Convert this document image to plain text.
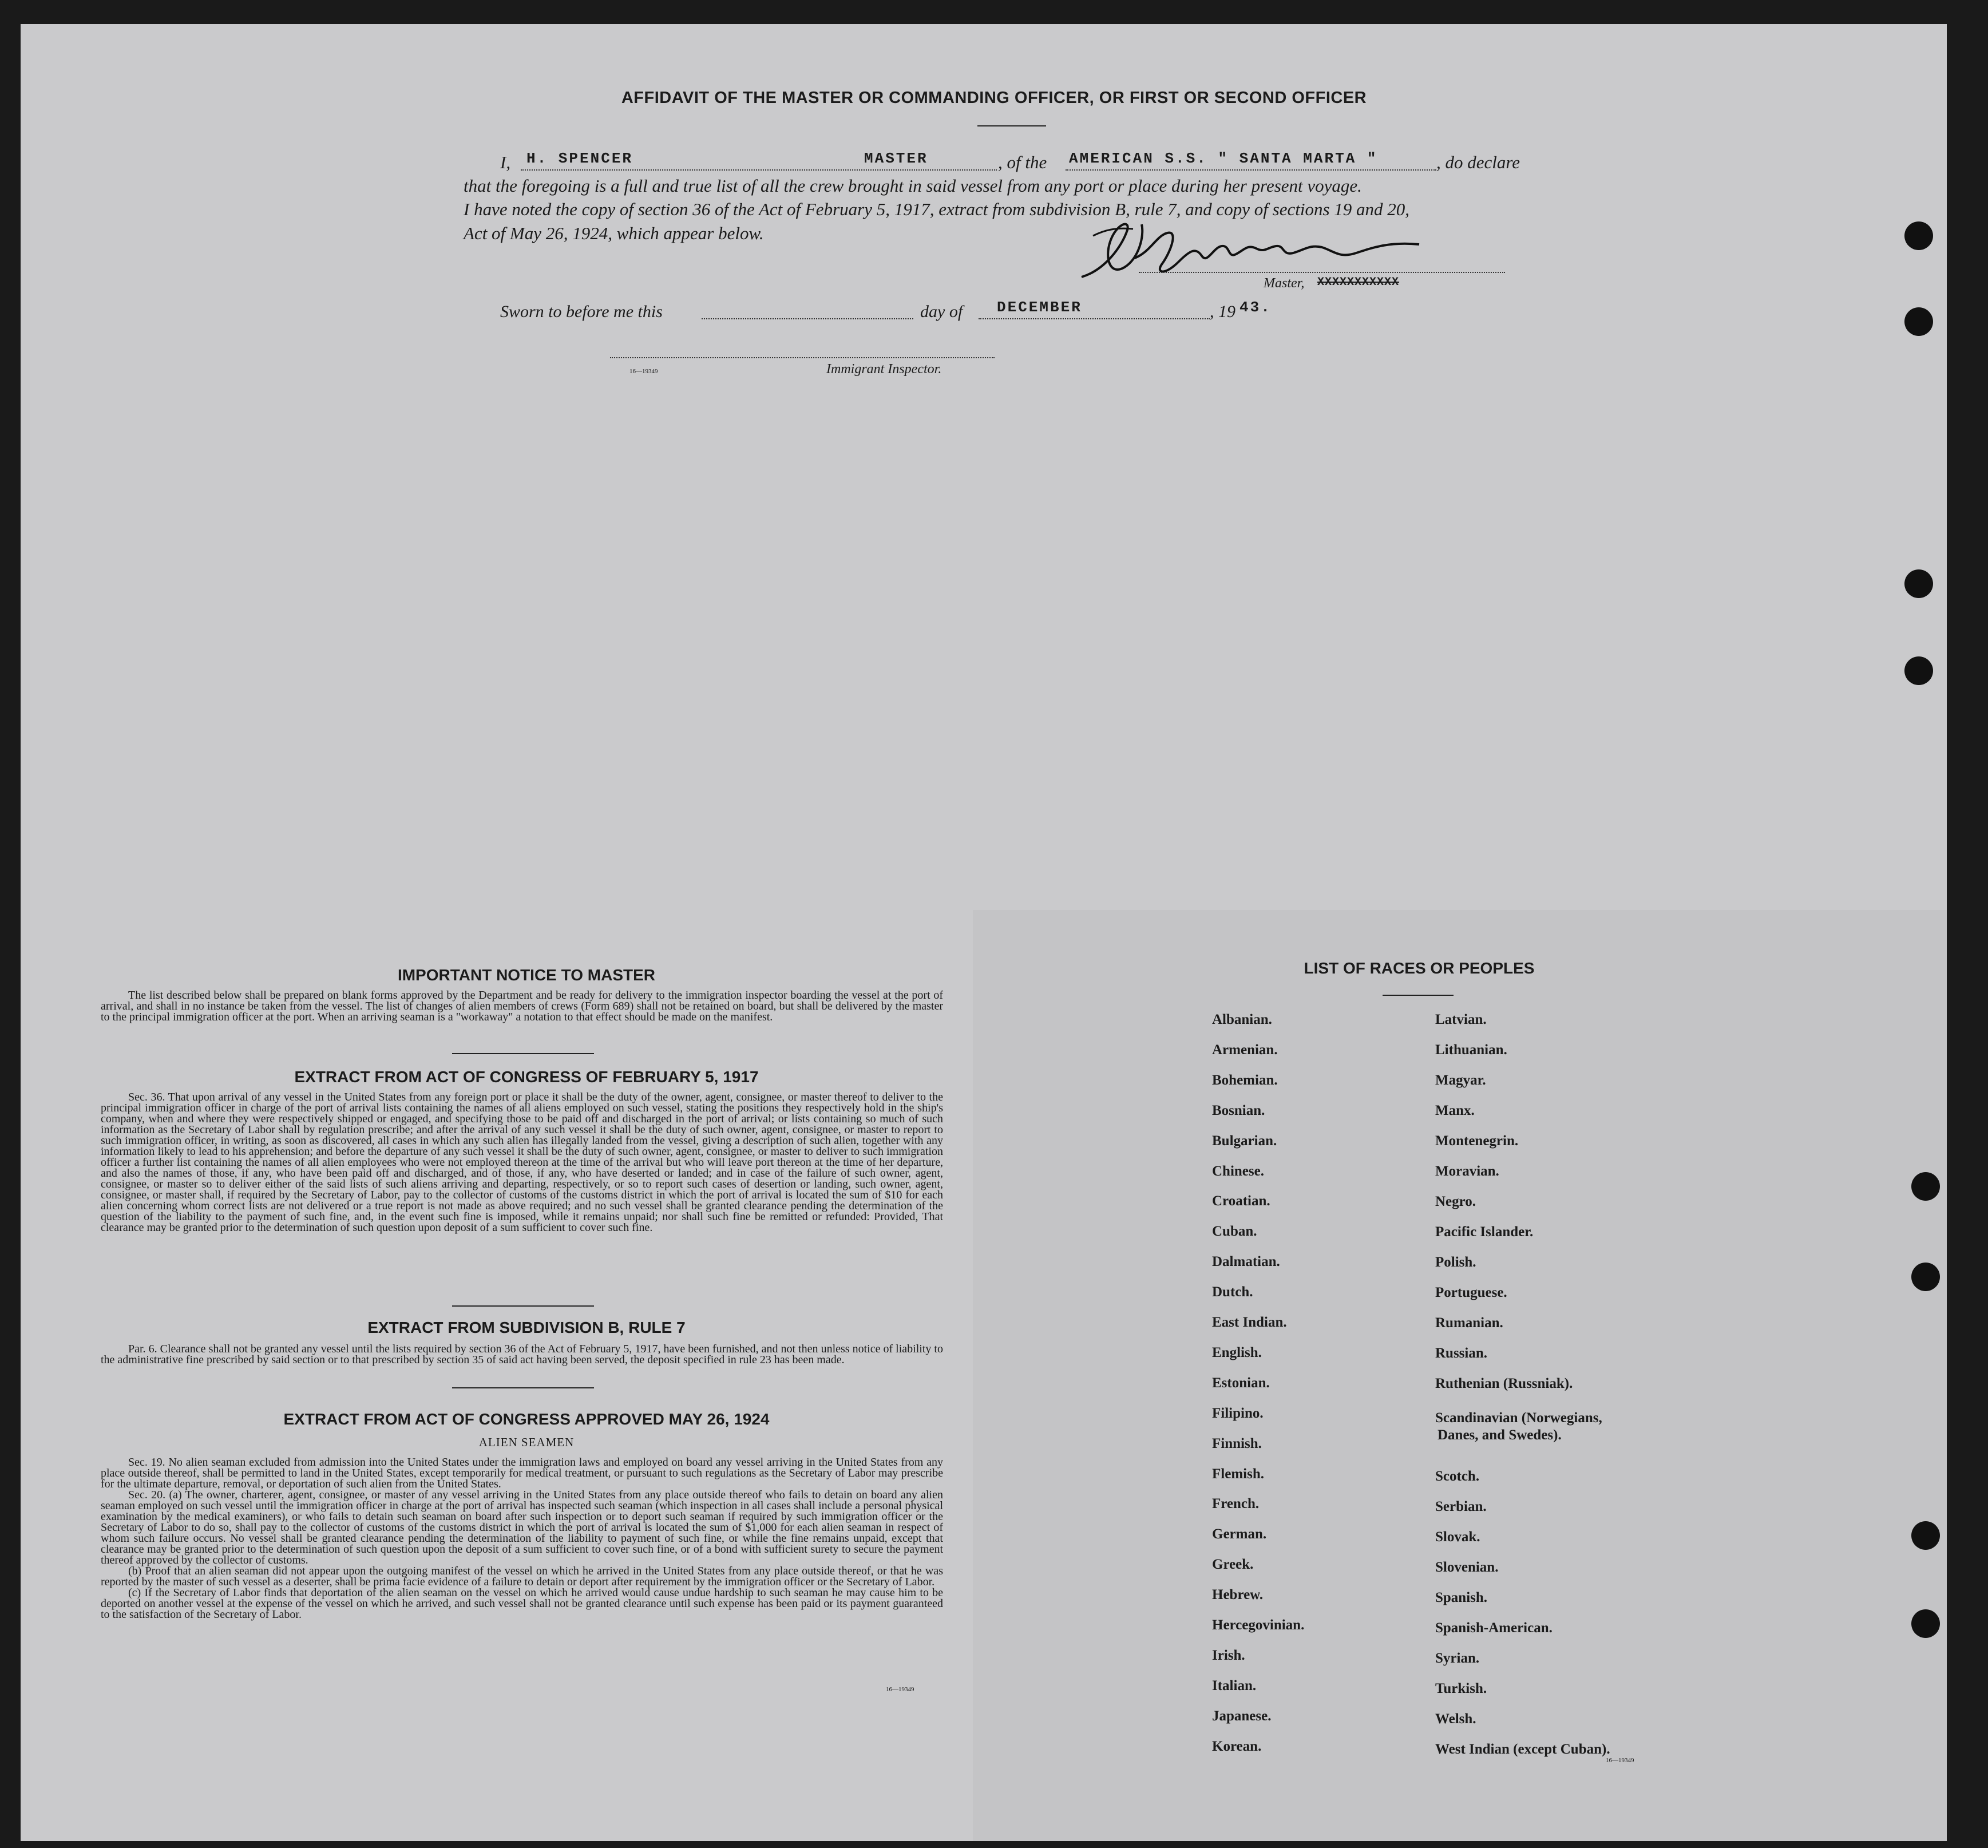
AFFIDAVIT OF THE MASTER OR COMMANDING OFFICER, OR FIRST OR SECOND OFFICER
I, H. SPENCER	MASTER	, of the AMERICAN S.S. " SANTA MARTA "	, do declare
that the foregoing is a full and true list of all the crew brought in said vessel from any port or place during her present voyage.
I have noted the copy of section 36 of the Act of February 5, 1917, extract from subdivision B, rule 7, and copy of sections 19 and 20,
Act of May 26, 1924, which appear below.
Master, XXXXXXXXXXX
Sworn to before me this	day of DECEMBER	, 19 43.
16—19349	Immigrant Inspector.
IMPORTANT NOTICE TO MASTER

The list described below shall be prepared on blank forms approved by the Department and be ready for delivery to the immigration inspector boarding the vessel at the port of arrival, and shall in no instance be taken from the vessel. The list of changes of alien members of crews (Form 689) shall not be retained on board, but shall be delivered by the master to the principal immigration officer at the port. When an arriving seaman is a "workaway" a notation to that effect should be made on the manifest.

EXTRACT FROM ACT OF CONGRESS OF FEBRUARY 5, 1917

Sec. 36. That upon arrival of any vessel in the United States from any foreign port or place it shall be the duty of the owner, agent, consignee, or master thereof to deliver to the principal immigration officer in charge of the port of arrival lists containing the names of all aliens employed on such vessel, stating the positions they respectively hold in the ship's company, when and where they were respectively shipped or engaged, and specifying those to be paid off and discharged in the port of arrival; or lists containing so much of such information as the Secretary of Labor shall by regulation prescribe; and after the arrival of any such vessel it shall be the duty of such owner, agent, consignee, or master to report to such immigration officer, in writing, as soon as discovered, all cases in which any such alien has illegally landed from the vessel, giving a description of such alien, together with any information likely to lead to his apprehension; and before the departure of any such vessel it shall be the duty of such owner, agent, consignee, or master to deliver to such immigration officer a further list containing the names of all alien employees who were not employed thereon at the time of the arrival but who will leave port thereon at the time of her departure, and also the names of those, if any, who have been paid off and discharged, and of those, if any, who have deserted or landed; and in case of the failure of such owner, agent, consignee, or master so to deliver either of the said lists of such aliens arriving and departing, respectively, or so to report such cases of desertion or landing, such owner, agent, consignee, or master shall, if required by the Secretary of Labor, pay to the collector of customs of the customs district in which the port of arrival is located the sum of $10 for each alien concerning whom correct lists are not delivered or a true report is not made as above required; and no such vessel shall be granted clearance pending the determination of the question of the liability to the payment of such fine, and, in the event such fine is imposed, while it remains unpaid; nor shall such fine be remitted or refunded: Provided, That clearance may be granted prior to the determination of such question upon deposit of a sum sufficient to cover such fine.

EXTRACT FROM SUBDIVISION B, RULE 7

Par. 6. Clearance shall not be granted any vessel until the lists required by section 36 of the Act of February 5, 1917, have been furnished, and not then unless notice of liability to the administrative fine prescribed by said section or to that prescribed by section 35 of said act having been served, the deposit specified in rule 23 has been made.

EXTRACT FROM ACT OF CONGRESS APPROVED MAY 26, 1924
ALIEN SEAMEN

Sec. 19. No alien seaman excluded from admission into the United States under the immigration laws and employed on board any vessel arriving in the United States from any place outside thereof, shall be permitted to land in the United States, except temporarily for medical treatment, or pursuant to such regulations as the Secretary of Labor may prescribe for the ultimate departure, removal, or deportation of such alien from the United States.

Sec. 20. (a) The owner, charterer, agent, consignee, or master of any vessel arriving in the United States from any place outside thereof who fails to detain on board any alien seaman employed on such vessel until the immigration officer in charge at the port of arrival has inspected such seaman (which inspection in all cases shall include a personal physical examination by the medical examiners), or who fails to detain such seaman on board after such inspection or to deport such seaman if required by such immigration officer or the Secretary of Labor to do so, shall pay to the collector of customs of the customs district in which the port of arrival is located the sum of $1,000 for each alien seaman in respect of whom such failure occurs. No vessel shall be granted clearance pending the determination of the liability to payment of such fine, or while the fine remains unpaid, except that clearance may be granted prior to the determination of such question upon the deposit of a sum sufficient to cover such fine, or of a bond with sufficient surety to secure the payment thereof approved by the collector of customs.

(b) Proof that an alien seaman did not appear upon the outgoing manifest of the vessel on which he arrived in the United States from any place outside thereof, or that he was reported by the master of such vessel as a deserter, shall be prima facie evidence of a failure to detain or deport after requirement by the immigration officer or the Secretary of Labor.

(c) If the Secretary of Labor finds that deportation of the alien seaman on the vessel on which he arrived would cause undue hardship to such seaman he may cause him to be deported on another vessel at the expense of the vessel on which he arrived, and such vessel shall not be granted clearance until such expense has been paid or its payment guaranteed to the satisfaction of the Secretary of Labor.

16—19349
LIST OF RACES OR PEOPLES
Albanian.
Armenian.
Bohemian.
Bosnian.
Bulgarian.
Chinese.
Croatian.
Cuban.
Dalmatian.
Dutch.
East Indian.
English.
Estonian.
Filipino.
Finnish.
Flemish.
French.
German.
Greek.
Hebrew.
Hercegovinian.
Irish.
Italian.
Japanese.
Korean.
Latvian.
Lithuanian.
Magyar.
Manx.
Montenegrin.
Moravian.
Negro.
Pacific Islander.
Polish.
Portuguese.
Rumanian.
Russian.
Ruthenian (Russniak).
Scandinavian (Norwegians,
Danes, and Swedes).
Scotch.
Serbian.
Slovak.
Slovenian.
Spanish.
Spanish-American.
Syrian.
Turkish.
Welsh.
West Indian (except Cuban).
16—19349
